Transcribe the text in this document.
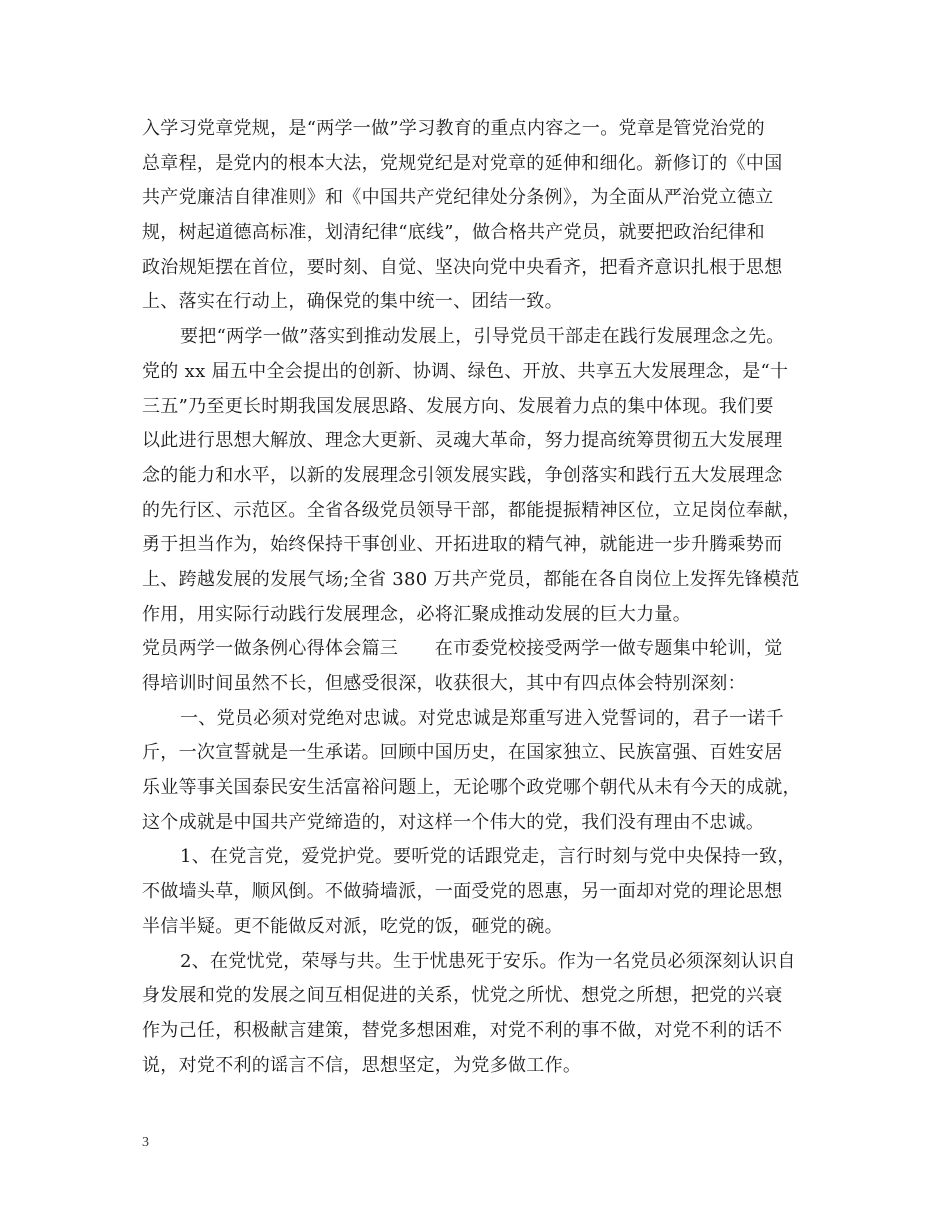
入学习党章党规，是“两学一做”学习教育的重点内容之一。党章是管党治党的
总章程，是党内的根本大法，党规党纪是对党章的延伸和细化。新修订的《中国
共产党廉洁自律准则》和《中国共产党纪律处分条例》，为全面从严治党立德立
规，树起道德高标准，划清纪律“底线”，做合格共产党员，就要把政治纪律和
政治规矩摆在首位，要时刻、自觉、坚决向党中央看齐，把看齐意识扎根于思想
上、落实在行动上，确保党的集中统一、团结一致。
要把“两学一做”落实到推动发展上，引导党员干部走在践行发展理念之先。
党的 xx 届五中全会提出的创新、协调、绿色、开放、共享五大发展理念，是“十
三五”乃至更长时期我国发展思路、发展方向、发展着力点的集中体现。我们要
以此进行思想大解放、理念大更新、灵魂大革命，努力提高统筹贯彻五大发展理
念的能力和水平，以新的发展理念引领发展实践，争创落实和践行五大发展理念
的先行区、示范区。全省各级党员领导干部，都能提振精神区位，立足岗位奉献，
勇于担当作为，始终保持干事创业、开拓进取的精气神，就能进一步升腾乘势而
上、跨越发展的发展气场;全省 380 万共产党员，都能在各自岗位上发挥先锋模范
作用，用实际行动践行发展理念，必将汇聚成推动发展的巨大力量。
党员两学一做条例心得体会篇三　　在市委党校接受两学一做专题集中轮训，觉
得培训时间虽然不长，但感受很深，收获很大，其中有四点体会特别深刻：
一、党员必须对党绝对忠诚。对党忠诚是郑重写进入党誓词的，君子一诺千
斤，一次宣誓就是一生承诺。回顾中国历史，在国家独立、民族富强、百姓安居
乐业等事关国泰民安生活富裕问题上，无论哪个政党哪个朝代从未有今天的成就，
这个成就是中国共产党缔造的，对这样一个伟大的党，我们没有理由不忠诚。
1、在党言党，爱党护党。要听党的话跟党走，言行时刻与党中央保持一致，
不做墙头草，顺风倒。不做骑墙派，一面受党的恩惠，另一面却对党的理论思想
半信半疑。更不能做反对派，吃党的饭，砸党的碗。
2、在党忧党，荣辱与共。生于忧患死于安乐。作为一名党员必须深刻认识自
身发展和党的发展之间互相促进的关系，忧党之所忧、想党之所想，把党的兴衰
作为己任，积极献言建策，替党多想困难，对党不利的事不做，对党不利的话不
说，对党不利的谣言不信，思想坚定，为党多做工作。
3
